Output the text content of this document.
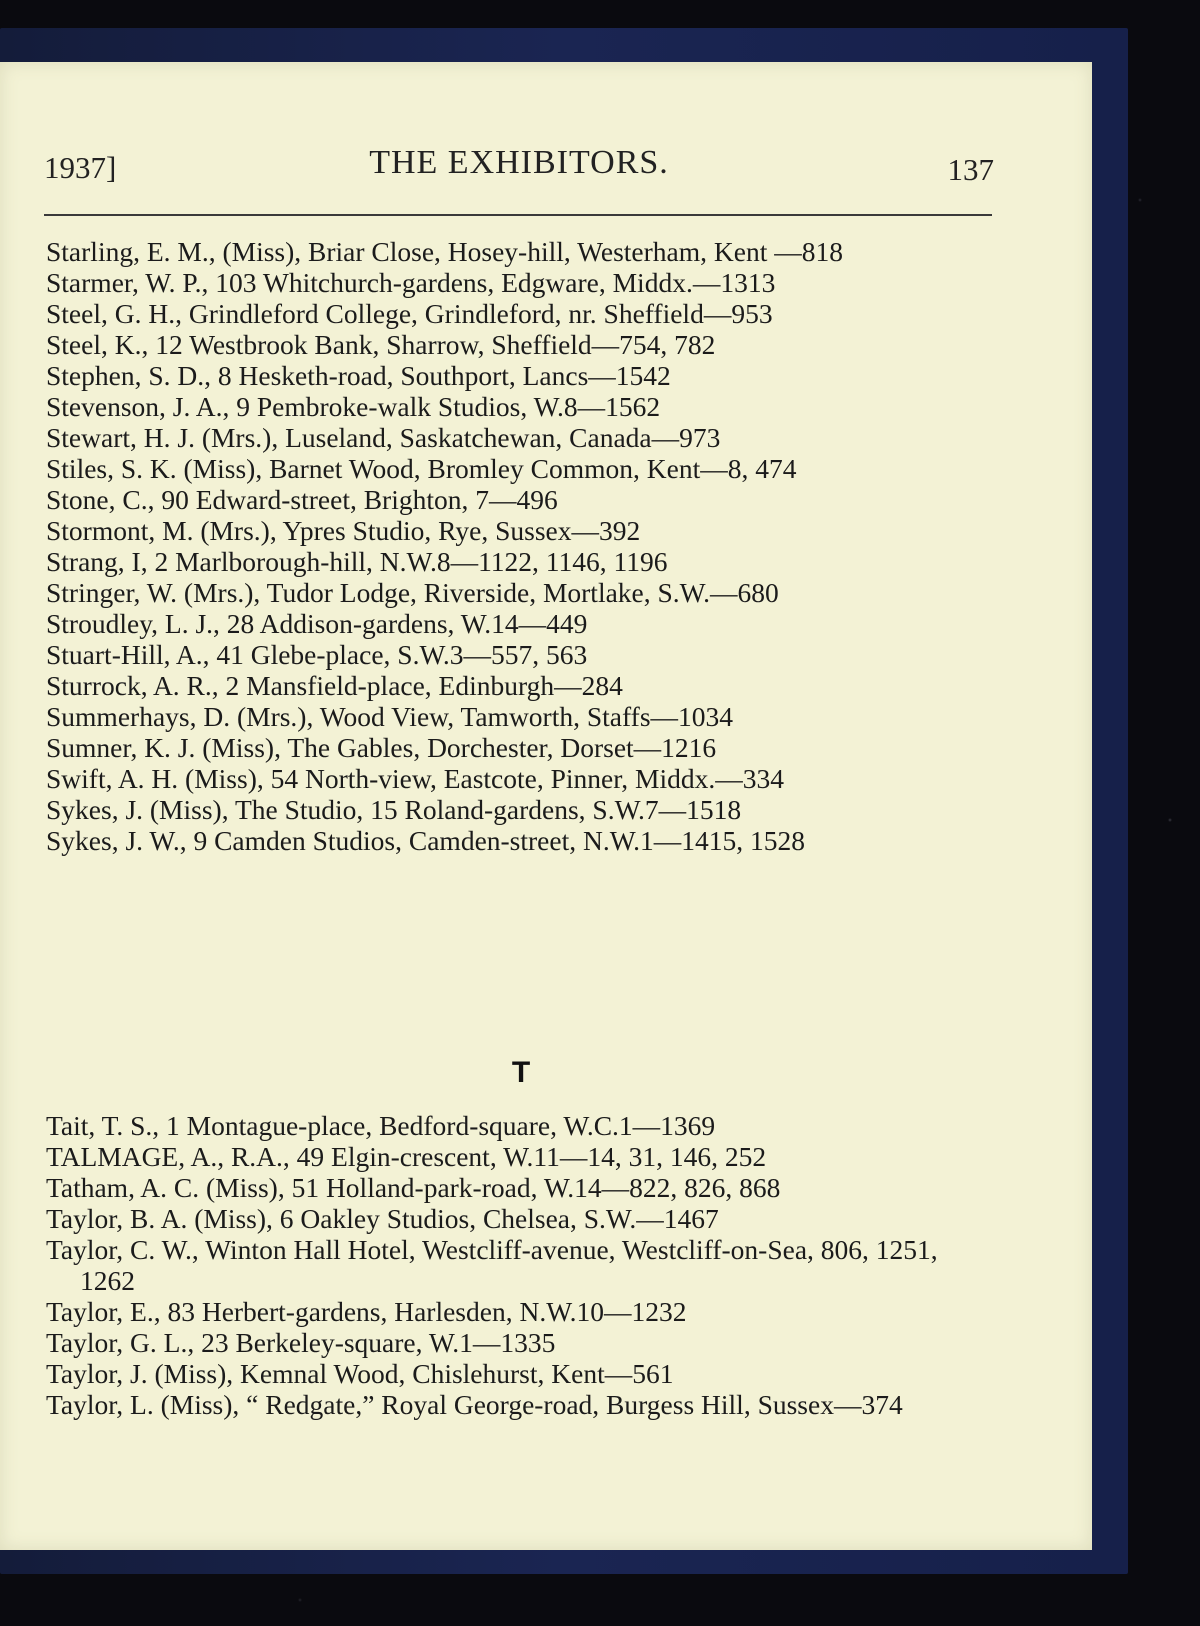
1937]	THE EXHIBITORS.	137
Starling, E. M., (Miss), Briar Close, Hosey-hill, Westerham, Kent —818
Starmer, W. P., 103 Whitchurch-gardens, Edgware, Middx.—1313
Steel, G. H., Grindleford College, Grindleford, nr. Sheffield—953
Steel, K., 12 Westbrook Bank, Sharrow, Sheffield—754, 782
Stephen, S. D., 8 Hesketh-road, Southport, Lancs—1542
Stevenson, J. A., 9 Pembroke-walk Studios, W.8—1562
Stewart, H. J. (Mrs.), Luseland, Saskatchewan, Canada—973
Stiles, S. K. (Miss), Barnet Wood, Bromley Common, Kent—8, 474
Stone, C., 90 Edward-street, Brighton, 7—496
Stormont, M. (Mrs.), Ypres Studio, Rye, Sussex—392
Strang, I, 2 Marlborough-hill, N.W.8—1122, 1146, 1196
Stringer, W. (Mrs.), Tudor Lodge, Riverside, Mortlake, S.W.—680
Stroudley, L. J., 28 Addison-gardens, W.14—449
Stuart-Hill, A., 41 Glebe-place, S.W.3—557, 563
Sturrock, A. R., 2 Mansfield-place, Edinburgh—284
Summerhays, D. (Mrs.), Wood View, Tamworth, Staffs—1034
Sumner, K. J. (Miss), The Gables, Dorchester, Dorset—1216
Swift, A. H. (Miss), 54 North-view, Eastcote, Pinner, Middx.—334
Sykes, J. (Miss), The Studio, 15 Roland-gardens, S.W.7—1518
Sykes, J. W., 9 Camden Studios, Camden-street, N.W.1—1415, 1528
T
Tait, T. S., 1 Montague-place, Bedford-square, W.C.1—1369
TALMAGE, A., R.A., 49 Elgin-crescent, W.11—14, 31, 146, 252
Tatham, A. C. (Miss), 51 Holland-park-road, W.14—822, 826, 868
Taylor, B. A. (Miss), 6 Oakley Studios, Chelsea, S.W.—1467
Taylor, C. W., Winton Hall Hotel, Westcliff-avenue, Westcliff-on-Sea, 806, 1251, 1262
Taylor, E., 83 Herbert-gardens, Harlesden, N.W.10—1232
Taylor, G. L., 23 Berkeley-square, W.1—1335
Taylor, J. (Miss), Kemnal Wood, Chislehurst, Kent—561
Taylor, L. (Miss), “ Redgate,” Royal George-road, Burgess Hill, Sussex—374
